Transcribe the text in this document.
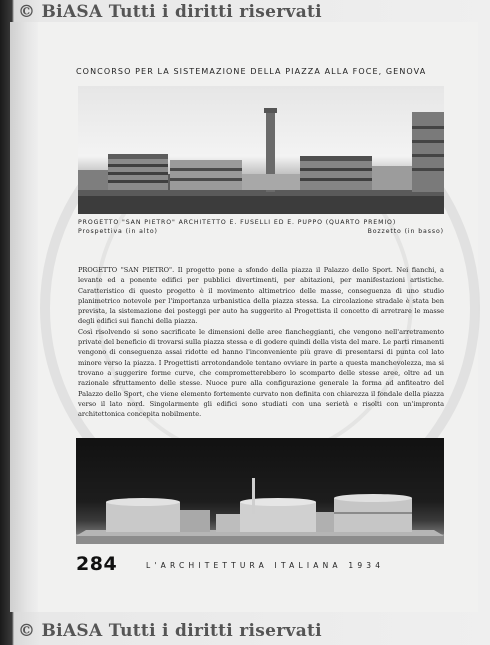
© BiASA Tutti i diritti riservati
© BiASA Tutti i diritti riservati
CONCORSO PER LA SISTEMAZIONE DELLA PIAZZA ALLA FOCE, GENOVA
PROGETTO "SAN PIETRO" ARCHITETTO E. FUSELLI ED E. PUPPO (QUARTO PREMIO)
Prospettiva (in alto)	Bozzetto (in basso)

PROGETTO "SAN PIETRO". Il progetto pone a sfondo della piazza il Palazzo dello Sport. Nei fianchi, a levante ed a ponente edifici per pubblici divertimenti, per abitazioni, per manifestazioni artistiche. Caratteristico di questo progetto è il movimento altimetrico delle masse, conseguenza di uno studio planimetrico notevole per l'importanza urbanistica della piazza stessa. La circolazione stradale è stata ben prevista, la sistemazione dei posteggi per auto ha suggerito al Progettista il concetto di arretrare le masse degli edifici sui fianchi della piazza.

Così risolvendo si sono sacrificate le dimensioni delle aree fiancheggianti, che vengono nell'arretramento private del beneficio di trovarsi sulla piazza stessa e di godere quindi della vista del mare. Le parti rimanenti vengono di conseguenza assai ridotte ed hanno l'inconveniente più grave di presentarsi di punta col lato minore verso la piazza. I Progettisti arrotondandole tentano ovviare in parte a questa manchevolezza, ma si trovano a suggerire forme curve, che comprometterebbero lo scomparto delle stesse aree, oltre ad un razionale sfruttamento delle stesse. Nuoce pure alla configurazione generale la forma ad anfiteatro del Palazzo dello Sport, che viene elemento fortemente curvato non definita con chiarezza il fondale della piazza verso il lato nord. Singolarmente gli edifici sono studiati con una serietà e risolti con un'impronta architettonica concepita nobilmente.

284	L'ARCHITETTURA ITALIANA 1934
